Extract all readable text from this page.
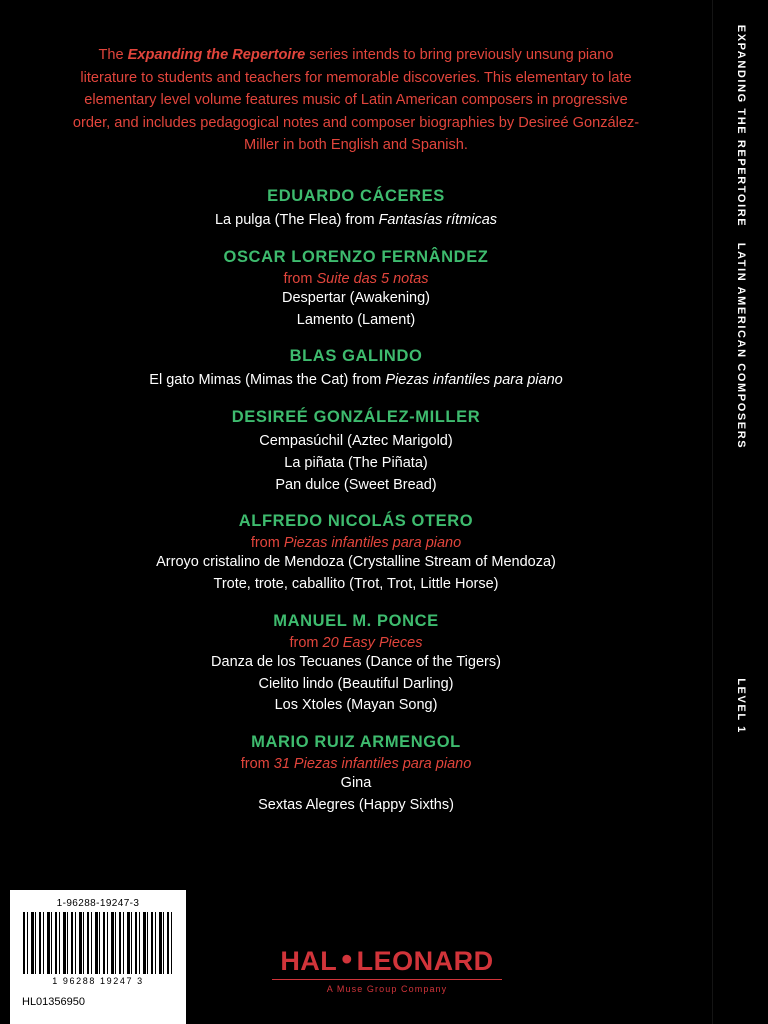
The Expanding the Repertoire series intends to bring previously unsung piano literature to students and teachers for memorable discoveries. This elementary to late elementary level volume features music of Latin American composers in progressive order, and includes pedagogical notes and composer biographies by Desireé González-Miller in both English and Spanish.

EDUARDO CÁCERES
La pulga (The Flea) from Fantasías rítmicas
OSCAR LORENZO FERNÂNDEZ
from Suite das 5 notas
Despertar (Awakening)
Lamento (Lament)
BLAS GALINDO
El gato Mimas (Mimas the Cat) from Piezas infantiles para piano
DESIREÉ GONZÁLEZ-MILLER
Cempasúchil (Aztec Marigold)
La piñata (The Piñata)
Pan dulce (Sweet Bread)
ALFREDO NICOLÁS OTERO
from Piezas infantiles para piano
Arroyo cristalino de Mendoza (Crystalline Stream of Mendoza)
Trote, trote, caballito (Trot, Trot, Little Horse)
MANUEL M. PONCE
from 20 Easy Pieces
Danza de los Tecuanes (Dance of the Tigers)
Cielito lindo (Beautiful Darling)
Los Xtoles (Mayan Song)
MARIO RUIZ ARMENGOL
from 31 Piezas infantiles para piano
Gina
Sextas Alegres (Happy Sixths)
EXPANDING THE REPERTOIRE
LATIN AMERICAN COMPOSERS
LEVEL 1
1-96288-19247-3
1 96288 19247 3
HL01356950
HAL • LEONARD
A Muse Group Company
